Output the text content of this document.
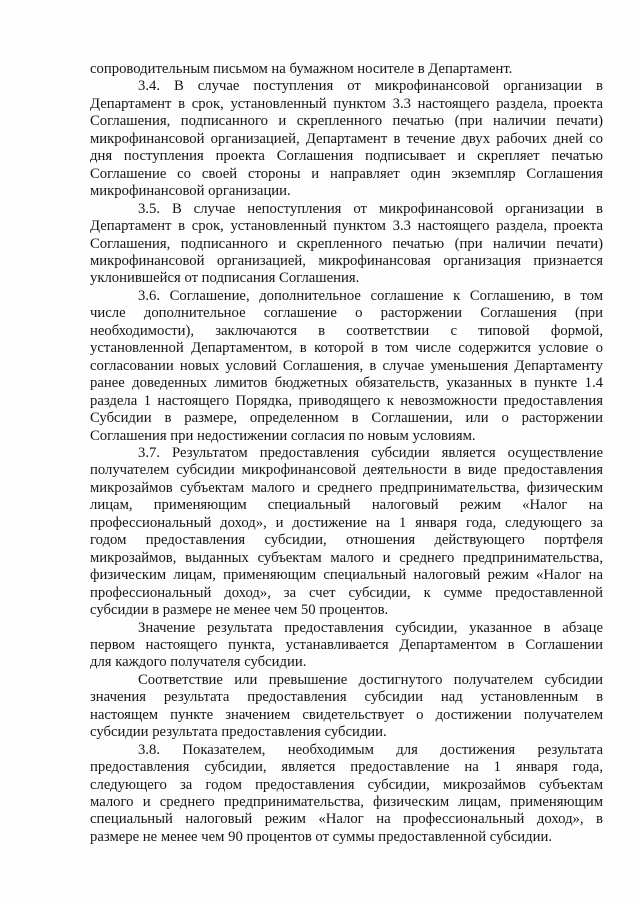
сопроводительным письмом на бумажном носителе в Департамент.
3.4. В случае поступления от микрофинансовой организации в
Департамент в срок, установленный пунктом 3.3 настоящего раздела, проекта
Соглашения, подписанного и скрепленного печатью (при наличии печати)
микрофинансовой организацией, Департамент в течение двух рабочих дней со
дня поступления проекта Соглашения подписывает и скрепляет печатью
Соглашение со своей стороны и направляет один экземпляр Соглашения
микрофинансовой организации.
3.5. В случае непоступления от микрофинансовой организации в
Департамент в срок, установленный пунктом 3.3 настоящего раздела, проекта
Соглашения, подписанного и скрепленного печатью (при наличии печати)
микрофинансовой организацией, микрофинансовая организация признается
уклонившейся от подписания Соглашения.
3.6. Соглашение, дополнительное соглашение к Соглашению, в том
числе дополнительное соглашение о расторжении Соглашения (при
необходимости), заключаются в соответствии с типовой формой,
установленной Департаментом, в которой в том числе содержится условие о
согласовании новых условий Соглашения, в случае уменьшения Департаменту
ранее доведенных лимитов бюджетных обязательств, указанных в пункте 1.4
раздела 1 настоящего Порядка, приводящего к невозможности предоставления
Субсидии в размере, определенном в Соглашении, или о расторжении
Соглашения при недостижении согласия по новым условиям.
3.7. Результатом предоставления субсидии является осуществление
получателем субсидии микрофинансовой деятельности в виде предоставления
микрозаймов субъектам малого и среднего предпринимательства, физическим
лицам, применяющим специальный налоговый режим «Налог на
профессиональный доход», и достижение на 1 января года, следующего за
годом предоставления субсидии, отношения действующего портфеля
микрозаймов, выданных субъектам малого и среднего предпринимательства,
физическим лицам, применяющим специальный налоговый режим «Налог на
профессиональный доход», за счет субсидии, к сумме предоставленной
субсидии в размере не менее чем 50 процентов.
Значение результата предоставления субсидии, указанное в абзаце
первом настоящего пункта, устанавливается Департаментом в Соглашении
для каждого получателя субсидии.
Соответствие или превышение достигнутого получателем субсидии
значения результата предоставления субсидии над установленным в
настоящем пункте значением свидетельствует о достижении получателем
субсидии результата предоставления субсидии.
3.8. Показателем, необходимым для достижения результата
предоставления субсидии, является предоставление на 1 января года,
следующего за годом предоставления субсидии, микрозаймов субъектам
малого и среднего предпринимательства, физическим лицам, применяющим
специальный налоговый режим «Налог на профессиональный доход», в
размере не менее чем 90 процентов от суммы предоставленной субсидии.
